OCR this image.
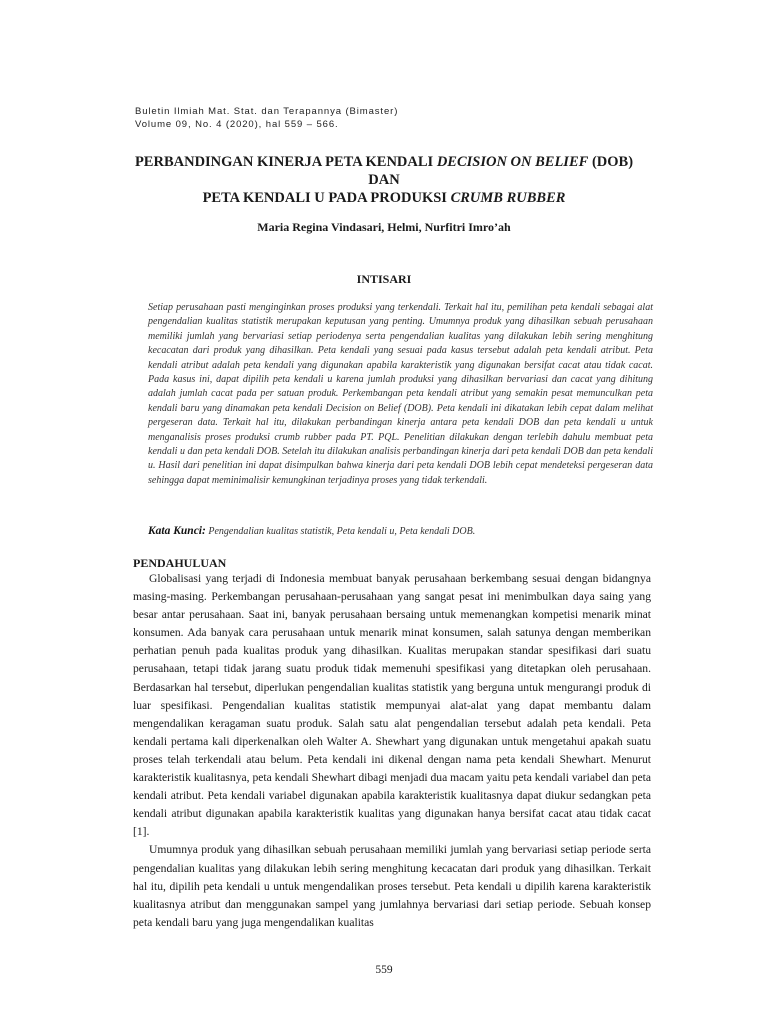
Buletin Ilmiah Mat. Stat. dan Terapannya (Bimaster)
Volume 09, No. 4 (2020), hal 559 – 566.
PERBANDINGAN KINERJA PETA KENDALI DECISION ON BELIEF (DOB) DAN
PETA KENDALI U PADA PRODUKSI CRUMB RUBBER
Maria Regina Vindasari, Helmi, Nurfitri Imro’ah
INTISARI
Setiap perusahaan pasti menginginkan proses produksi yang terkendali. Terkait hal itu, pemilihan peta kendali sebagai alat pengendalian kualitas statistik merupakan keputusan yang penting. Umumnya produk yang dihasilkan sebuah perusahaan memiliki jumlah yang bervariasi setiap periodenya serta pengendalian kualitas yang dilakukan lebih sering menghitung kecacatan dari produk yang dihasilkan. Peta kendali yang sesuai pada kasus tersebut adalah peta kendali atribut. Peta kendali atribut adalah peta kendali yang digunakan apabila karakteristik yang digunakan bersifat cacat atau tidak cacat. Pada kasus ini, dapat dipilih peta kendali u karena jumlah produksi yang dihasilkan bervariasi dan cacat yang dihitung adalah jumlah cacat pada per satuan produk. Perkembangan peta kendali atribut yang semakin pesat memunculkan peta kendali baru yang dinamakan peta kendali Decision on Belief (DOB). Peta kendali ini dikatakan lebih cepat dalam melihat pergeseran data. Terkait hal itu, dilakukan perbandingan kinerja antara peta kendali DOB dan peta kendali u untuk menganalisis proses produksi crumb rubber pada PT. PQL. Penelitian dilakukan dengan terlebih dahulu membuat peta kendali u dan peta kendali DOB. Setelah itu dilakukan analisis perbandingan kinerja dari peta kendali DOB dan peta kendali u. Hasil dari penelitian ini dapat disimpulkan bahwa kinerja dari peta kendali DOB lebih cepat mendeteksi pergeseran data sehingga dapat meminimalisir kemungkinan terjadinya proses yang tidak terkendali.
Kata Kunci: Pengendalian kualitas statistik, Peta kendali u, Peta kendali DOB.
PENDAHULUAN

Globalisasi yang terjadi di Indonesia membuat banyak perusahaan berkembang sesuai dengan bidangnya masing-masing. Perkembangan perusahaan-perusahaan yang sangat pesat ini menimbulkan daya saing yang besar antar perusahaan. Saat ini, banyak perusahaan bersaing untuk memenangkan kompetisi menarik minat konsumen. Ada banyak cara perusahaan untuk menarik minat konsumen, salah satunya dengan memberikan perhatian penuh pada kualitas produk yang dihasilkan. Kualitas merupakan standar spesifikasi dari suatu perusahaan, tetapi tidak jarang suatu produk tidak memenuhi spesifikasi yang ditetapkan oleh perusahaan. Berdasarkan hal tersebut, diperlukan pengendalian kualitas statistik yang berguna untuk mengurangi produk di luar spesifikasi. Pengendalian kualitas statistik mempunyai alat-alat yang dapat membantu dalam mengendalikan keragaman suatu produk. Salah satu alat pengendalian tersebut adalah peta kendali. Peta kendali pertama kali diperkenalkan oleh Walter A. Shewhart yang digunakan untuk mengetahui apakah suatu proses telah terkendali atau belum. Peta kendali ini dikenal dengan nama peta kendali Shewhart. Menurut karakteristik kualitasnya, peta kendali Shewhart dibagi menjadi dua macam yaitu peta kendali variabel dan peta kendali atribut. Peta kendali variabel digunakan apabila karakteristik kualitasnya dapat diukur sedangkan peta kendali atribut digunakan apabila karakteristik kualitas yang digunakan hanya bersifat cacat atau tidak cacat [1].

Umumnya produk yang dihasilkan sebuah perusahaan memiliki jumlah yang bervariasi setiap periode serta pengendalian kualitas yang dilakukan lebih sering menghitung kecacatan dari produk yang dihasilkan. Terkait hal itu, dipilih peta kendali u untuk mengendalikan proses tersebut. Peta kendali u dipilih karena karakteristik kualitasnya atribut dan menggunakan sampel yang jumlahnya bervariasi dari setiap periode. Sebuah konsep peta kendali baru yang juga mengendalikan kualitas

559
